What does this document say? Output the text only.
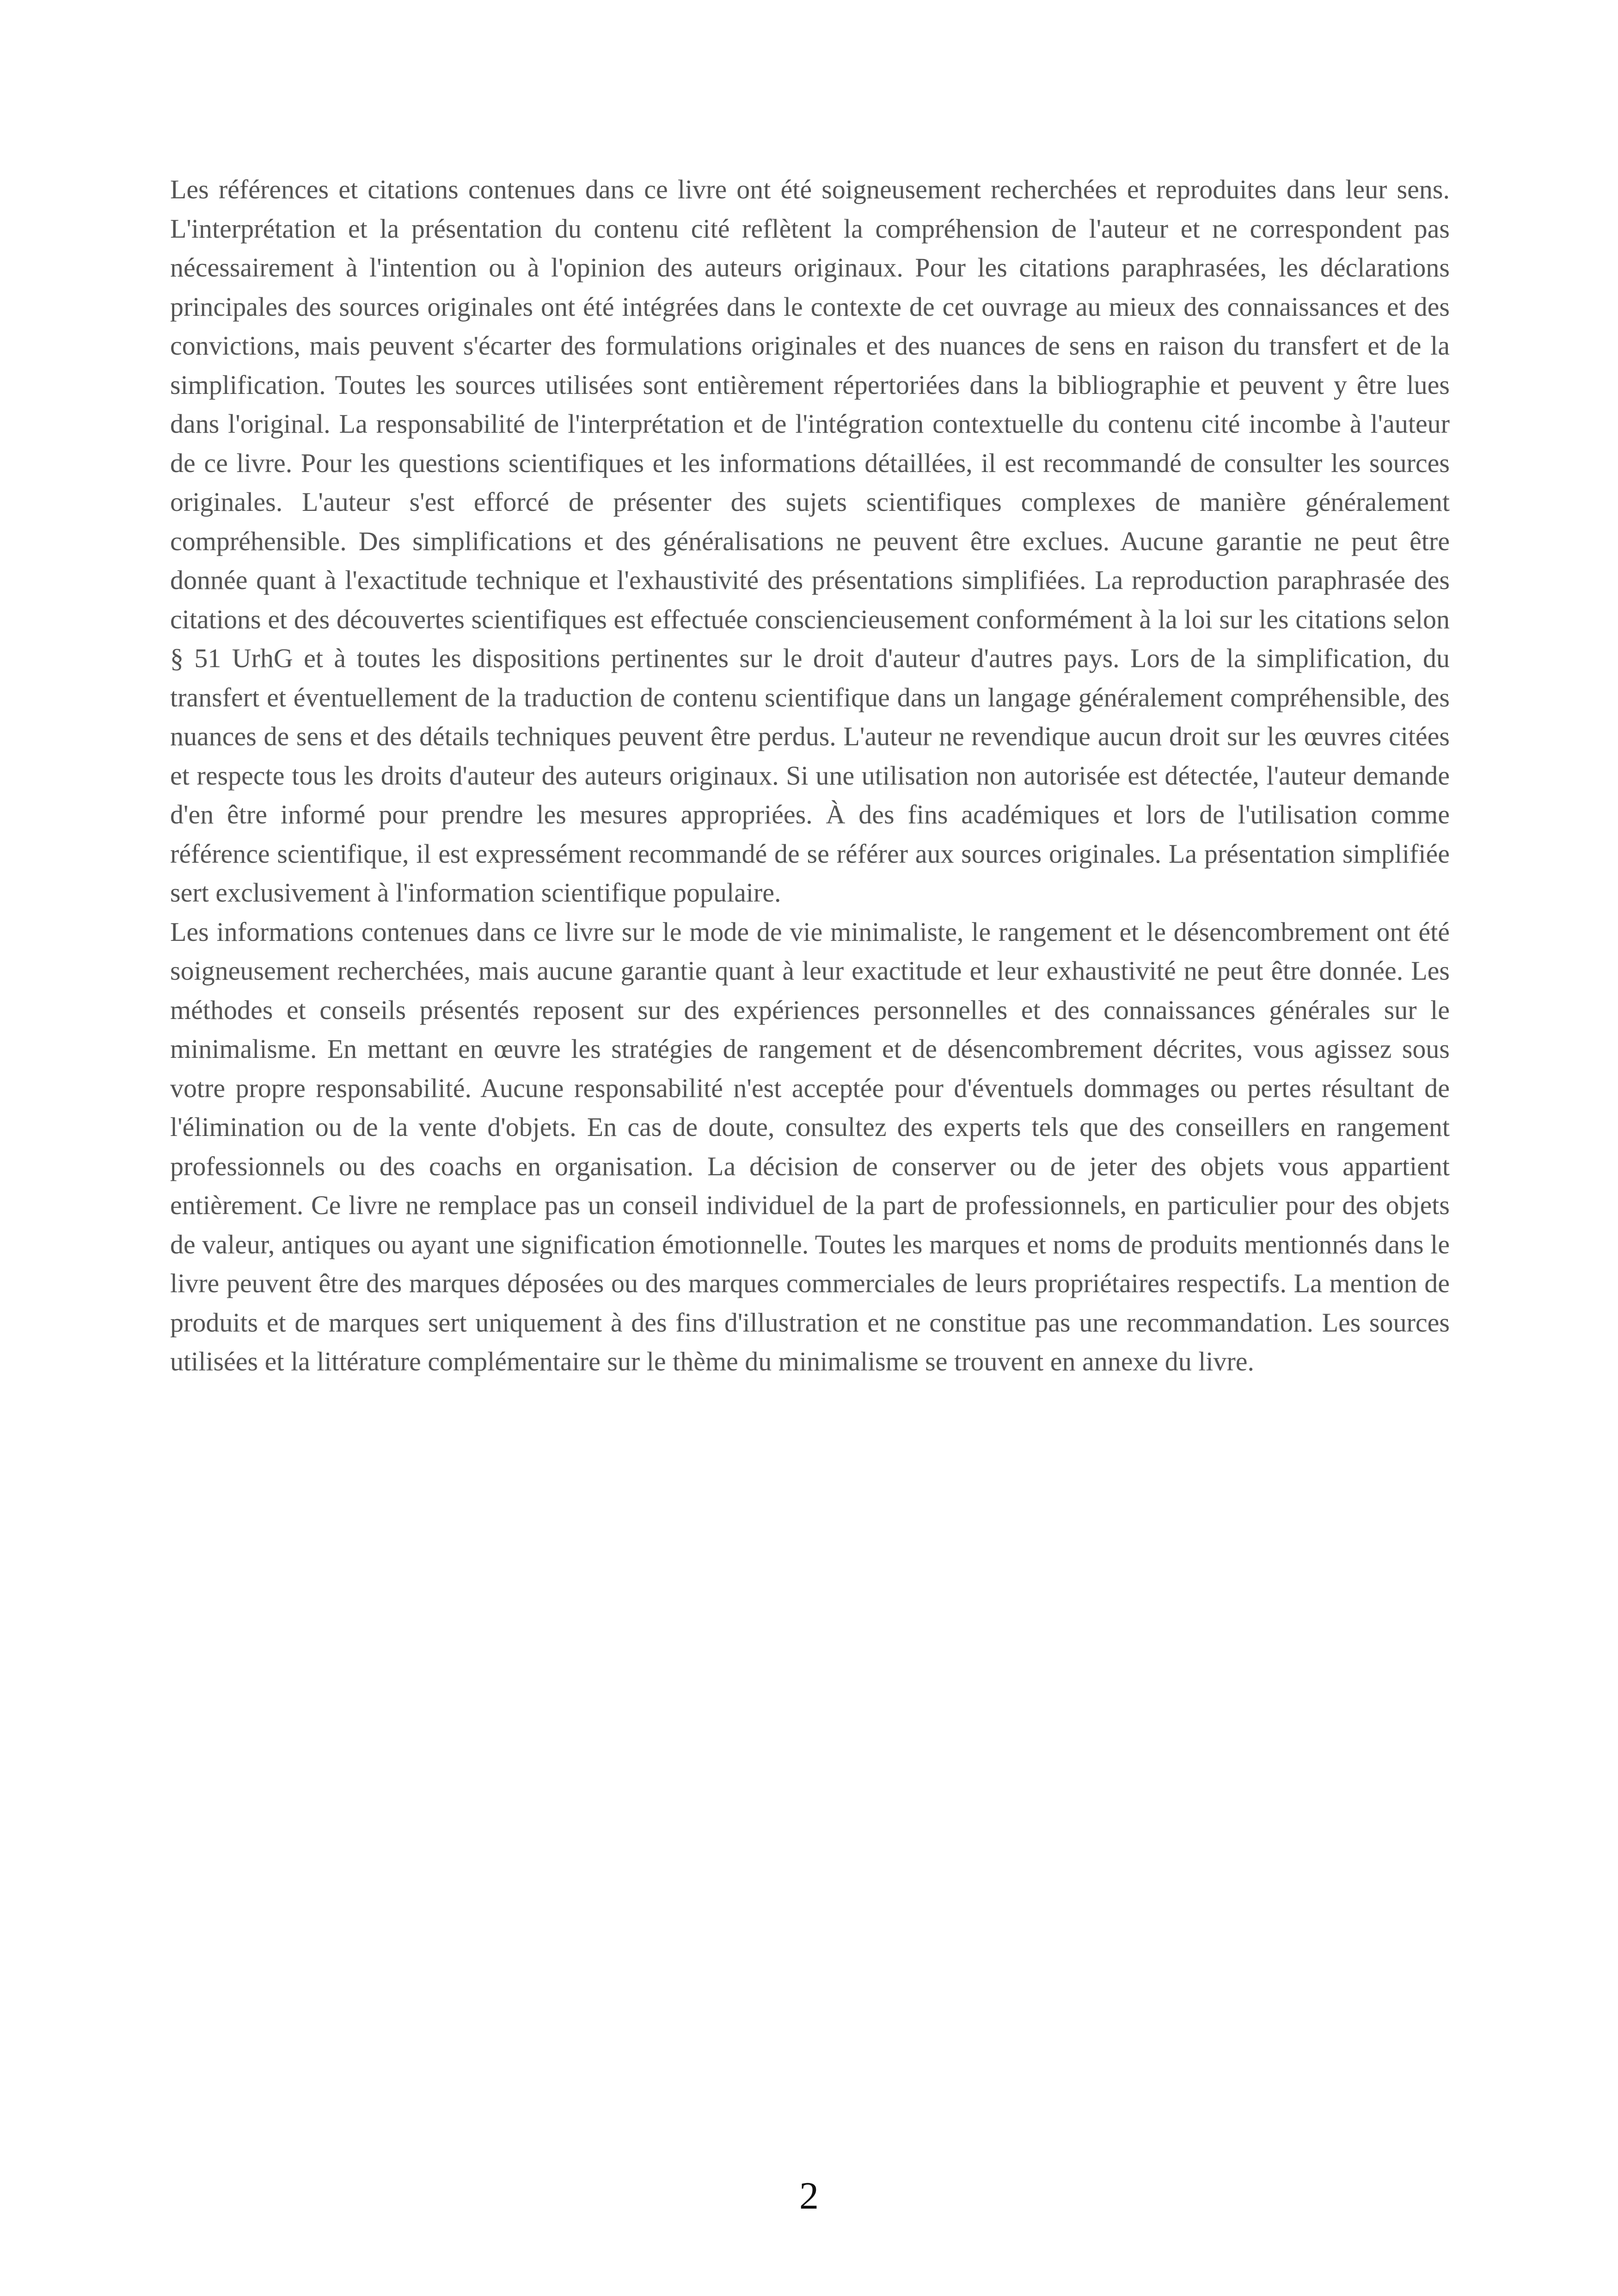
Les références et citations contenues dans ce livre ont été soigneusement recherchées et reproduites dans leur sens. L'interprétation et la présentation du contenu cité reflètent la compréhension de l'auteur et ne correspondent pas nécessairement à l'intention ou à l'opinion des auteurs originaux. Pour les citations paraphrasées, les déclarations principales des sources originales ont été intégrées dans le contexte de cet ouvrage au mieux des connaissances et des convictions, mais peuvent s'écarter des formulations originales et des nuances de sens en raison du transfert et de la simplification. Toutes les sources utilisées sont entièrement répertoriées dans la bibliographie et peuvent y être lues dans l'original. La responsabilité de l'interprétation et de l'intégration contextuelle du contenu cité incombe à l'auteur de ce livre. Pour les questions scientifiques et les informations détaillées, il est recommandé de consulter les sources originales. L'auteur s'est efforcé de présenter des sujets scientifiques complexes de manière généralement compréhensible. Des simplifications et des généralisations ne peuvent être exclues. Aucune garantie ne peut être donnée quant à l'exactitude technique et l'exhaustivité des présentations simplifiées. La reproduction paraphrasée des citations et des découvertes scientifiques est effectuée consciencieusement conformément à la loi sur les citations selon § 51 UrhG et à toutes les dispositions pertinentes sur le droit d'auteur d'autres pays. Lors de la simplification, du transfert et éventuellement de la traduction de contenu scientifique dans un langage généralement compréhensible, des nuances de sens et des détails techniques peuvent être perdus. L'auteur ne revendique aucun droit sur les œuvres citées et respecte tous les droits d'auteur des auteurs originaux. Si une utilisation non autorisée est détectée, l'auteur demande d'en être informé pour prendre les mesures appropriées. À des fins académiques et lors de l'utilisation comme référence scientifique, il est expressément recommandé de se référer aux sources originales. La présentation simplifiée sert exclusivement à l'information scientifique populaire.

Les informations contenues dans ce livre sur le mode de vie minimaliste, le rangement et le désencombrement ont été soigneusement recherchées, mais aucune garantie quant à leur exactitude et leur exhaustivité ne peut être donnée. Les méthodes et conseils présentés reposent sur des expériences personnelles et des connaissances générales sur le minimalisme. En mettant en œuvre les stratégies de rangement et de désencombrement décrites, vous agissez sous votre propre responsabilité. Aucune responsabilité n'est acceptée pour d'éventuels dommages ou pertes résultant de l'élimination ou de la vente d'objets. En cas de doute, consultez des experts tels que des conseillers en rangement professionnels ou des coachs en organisation. La décision de conserver ou de jeter des objets vous appartient entièrement. Ce livre ne remplace pas un conseil individuel de la part de professionnels, en particulier pour des objets de valeur, antiques ou ayant une signification émotionnelle. Toutes les marques et noms de produits mentionnés dans le livre peuvent être des marques déposées ou des marques commerciales de leurs propriétaires respectifs. La mention de produits et de marques sert uniquement à des fins d'illustration et ne constitue pas une recommandation. Les sources utilisées et la littérature complémentaire sur le thème du minimalisme se trouvent en annexe du livre.

2
